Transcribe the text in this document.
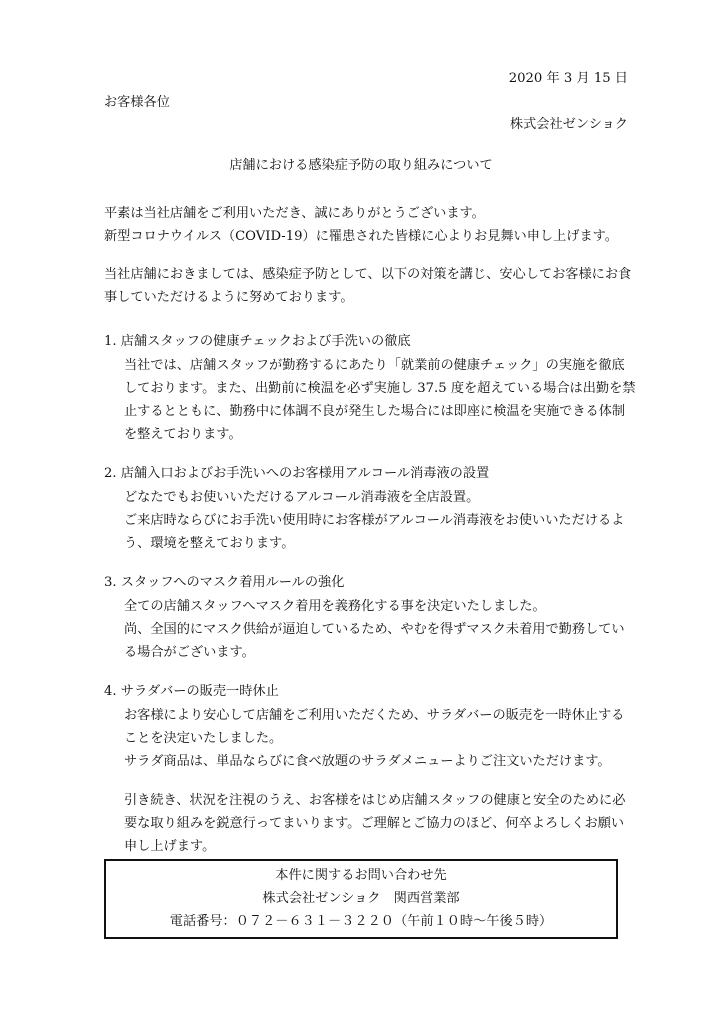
2020 年 3 月 15 日
お客様各位
株式会社ゼンショク
店舗における感染症予防の取り組みについて
平素は当社店舗をご利用いただき、誠にありがとうございます。
新型コロナウイルス（COVID-19）に罹患された皆様に心よりお見舞い申し上げます。
当社店舗におきましては、感染症予防として、以下の対策を講じ、安心してお客様にお食
事していただけるように努めております。
1. 店舗スタッフの健康チェックおよび手洗いの徹底
当社では、店舗スタッフが勤務するにあたり「就業前の健康チェック」の実施を徹底
しております。また、出勤前に検温を必ず実施し 37.5 度を超えている場合は出勤を禁
止するとともに、勤務中に体調不良が発生した場合には即座に検温を実施できる体制
を整えております。
2. 店舗入口およびお手洗いへのお客様用アルコール消毒液の設置
どなたでもお使いいただけるアルコール消毒液を全店設置。
ご来店時ならびにお手洗い使用時にお客様がアルコール消毒液をお使いいただけるよ
う、環境を整えております。
3. スタッフへのマスク着用ルールの強化
全ての店舗スタッフへマスク着用を義務化する事を決定いたしました。
尚、全国的にマスク供給が逼迫しているため、やむを得ずマスク未着用で勤務してい
る場合がございます。
4. サラダバーの販売一時休止
お客様により安心して店舗をご利用いただくため、サラダバーの販売を一時休止する
ことを決定いたしました。
サラダ商品は、単品ならびに食べ放題のサラダメニューよりご注文いただけます。
引き続き、状況を注視のうえ、お客様をはじめ店舗スタッフの健康と安全のために必
要な取り組みを鋭意行ってまいります。ご理解とご協力のほど、何卒よろしくお願い
申し上げます。
本件に関するお問い合わせ先
株式会社ゼンショク　関西営業部
電話番号：０７２－６３１－３２２０（午前１０時～午後５時）
